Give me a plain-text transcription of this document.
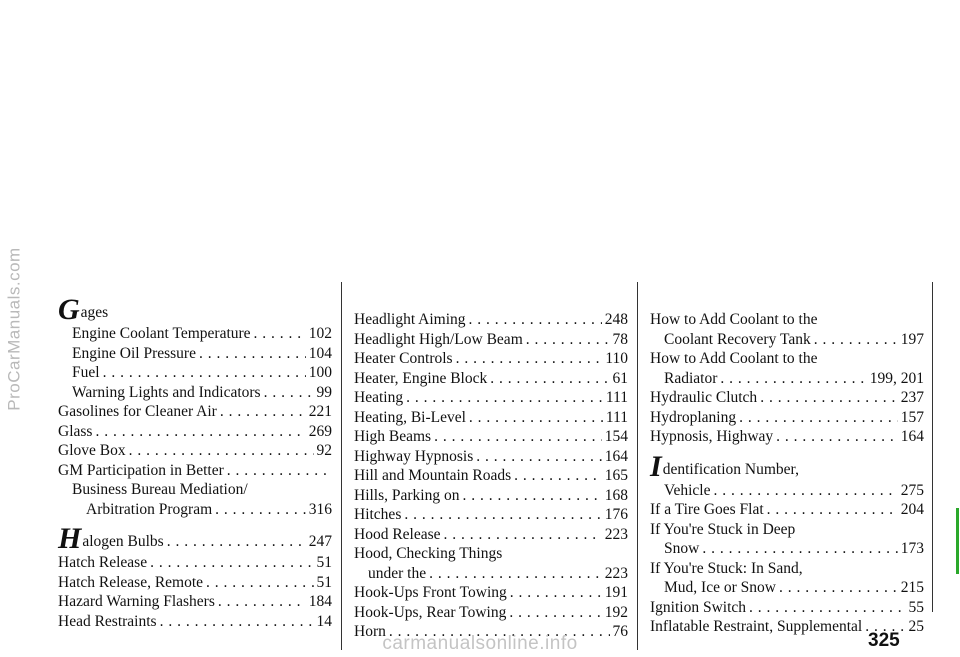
ProCarManuals.com Gages
Engine Coolant Temperature . . .	102
Engine Oil Pressure . . .	104
Fuel . . .	100
Warning Lights and Indicators . . .	99
Gasolines for Cleaner Air . . .	221
Glass . . .	269
Glove Box . . .	92
GM Participation in Better
. . .
Business Bureau Mediation/
Arbitration Program . . .	316
Halogen Bulbs . . .	247
Hatch Release . . .	51
Hatch Release, Remote . . .	51
Hazard Warning Flashers . . .	184
Head Restraints . . .	14
Headlight Aiming . . .	248
Headlight High/Low Beam . . .	78
Heater Controls . . .	110
Heater, Engine Block . . .	61
Heating . . .	111
Heating, Bi-Level . . .	111
High Beams . . .	154
Highway Hypnosis . . .	164
Hill and Mountain Roads . . .	165
Hills, Parking on . . .	168
Hitches . . .	176
Hood Release . . .	223
Hood, Checking Things
under the . . .	223
Hook-Ups Front Towing . . .	191
Hook-Ups, Rear Towing . . .	192
Horn . . .	76
How to Add Coolant to the
Coolant Recovery Tank . . .	197
How to Add Coolant to the
Radiator . . .	199, 201
Hydraulic Clutch . . .	237
Hydroplaning . . .	157
Hypnosis, Highway . . .	164
Identification Number,
Vehicle . . .	275
If a Tire Goes Flat . . .	204
If You're Stuck in Deep
Snow . . .	173
If You're Stuck: In Sand,
Mud, Ice or Snow . . .	215
Ignition Switch . . .	55
Inflatable Restraint, Supplemental . . .	25
325
carmanualsonline.info
